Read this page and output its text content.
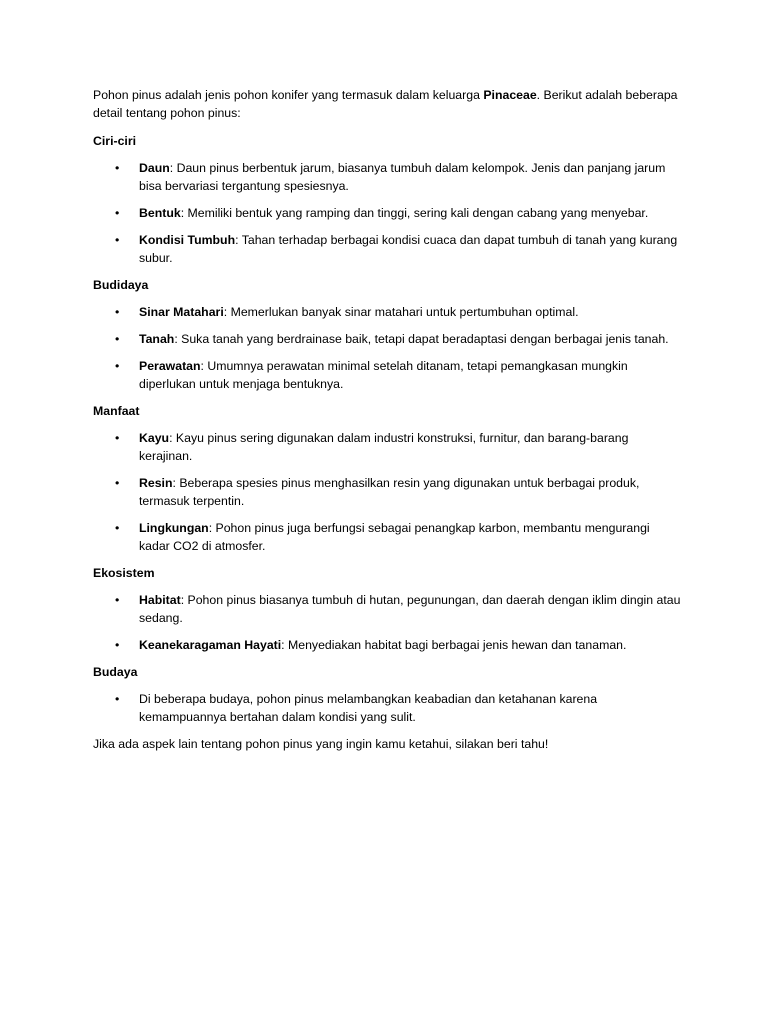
Pohon pinus adalah jenis pohon konifer yang termasuk dalam keluarga Pinaceae. Berikut adalah beberapa detail tentang pohon pinus:

Ciri-ciri
• Daun: Daun pinus berbentuk jarum, biasanya tumbuh dalam kelompok. Jenis dan panjang jarum bisa bervariasi tergantung spesiesnya.
• Bentuk: Memiliki bentuk yang ramping dan tinggi, sering kali dengan cabang yang menyebar.
• Kondisi Tumbuh: Tahan terhadap berbagai kondisi cuaca dan dapat tumbuh di tanah yang kurang subur.
Budidaya
• Sinar Matahari: Memerlukan banyak sinar matahari untuk pertumbuhan optimal.
• Tanah: Suka tanah yang berdrainase baik, tetapi dapat beradaptasi dengan berbagai jenis tanah.
• Perawatan: Umumnya perawatan minimal setelah ditanam, tetapi pemangkasan mungkin diperlukan untuk menjaga bentuknya.
Manfaat
• Kayu: Kayu pinus sering digunakan dalam industri konstruksi, furnitur, dan barang-barang kerajinan.
• Resin: Beberapa spesies pinus menghasilkan resin yang digunakan untuk berbagai produk, termasuk terpentin.
• Lingkungan: Pohon pinus juga berfungsi sebagai penangkap karbon, membantu mengurangi kadar CO2 di atmosfer.
Ekosistem
• Habitat: Pohon pinus biasanya tumbuh di hutan, pegunungan, dan daerah dengan iklim dingin atau sedang.
• Keanekaragaman Hayati: Menyediakan habitat bagi berbagai jenis hewan dan tanaman.
Budaya
• Di beberapa budaya, pohon pinus melambangkan keabadian dan ketahanan karena kemampuannya bertahan dalam kondisi yang sulit.

Jika ada aspek lain tentang pohon pinus yang ingin kamu ketahui, silakan beri tahu!
